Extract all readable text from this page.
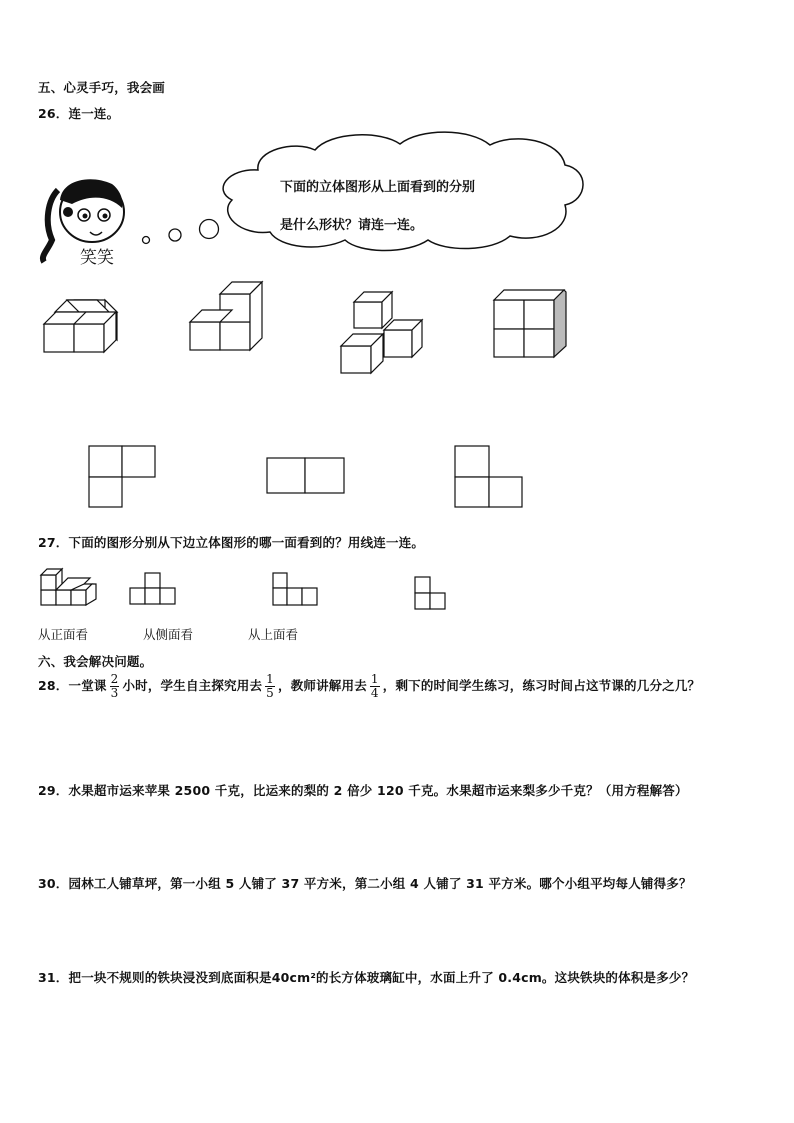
五、心灵手巧，我会画
26．连一连。
笑笑
下面的立体图形从上面看到的分别
是什么形状？请连一连。
27．下面的图形分别从下边立体图形的哪一面看到的？用线连一连。
从正面看	从侧面看	从上面看
六、我会解决问题。
28．一堂课 $\frac{2}{3}$ 小时，学生自主探究用去 $\frac{1}{5}$ ，教师讲解用去 $\frac{1}{4}$ ，剩下的时间学生练习，练习时间占这节课的几分之几？
29．水果超市运来苹果 2500 千克，比运来的梨的 2 倍少 120 千克。水果超市运来梨多少千克？（用方程解答）
30．园林工人铺草坪，第一小组 5 人铺了 37 平方米，第二小组 4 人铺了 31 平方米。哪个小组平均每人铺得多？
31．把一块不规则的铁块浸没到底面积是40cm²的长方体玻璃缸中，水面上升了 0.4cm。这块铁块的体积是多少？
